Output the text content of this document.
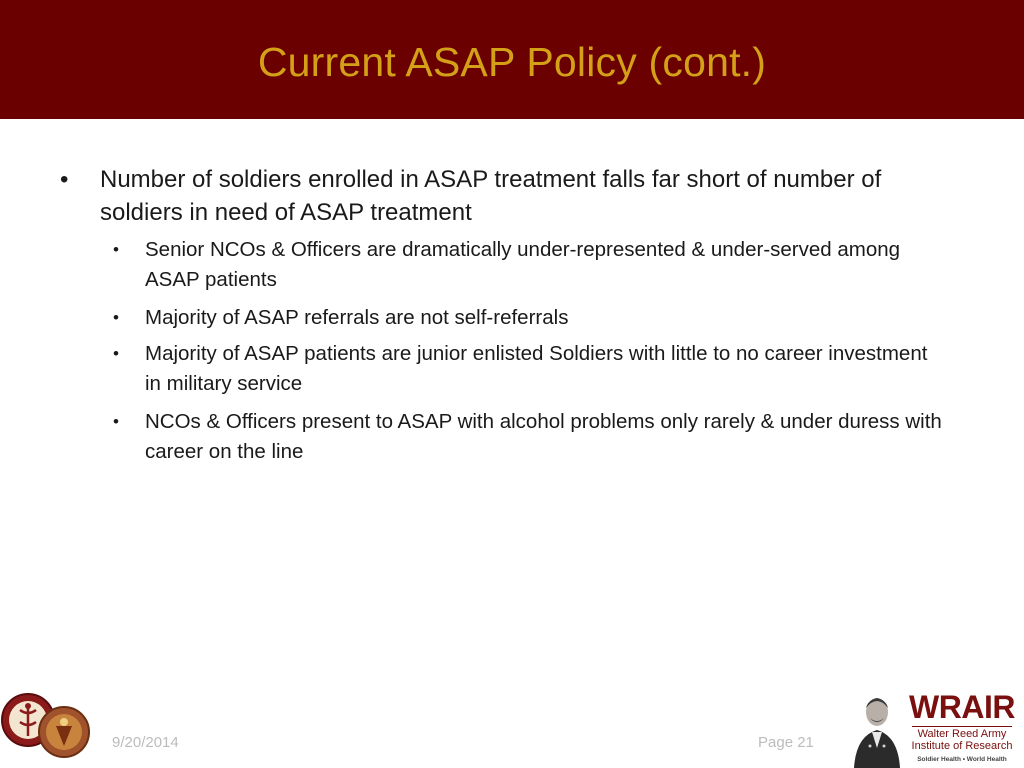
Current ASAP Policy (cont.)
• Number of soldiers enrolled in ASAP treatment falls far short of number of soldiers in need of ASAP treatment
• Senior NCOs & Officers are dramatically under-represented & under-served among ASAP patients
• Majority of ASAP referrals are not self-referrals
• Majority of ASAP patients are junior enlisted Soldiers with little to no career investment in military service
• NCOs & Officers present to ASAP with alcohol problems only rarely & under duress with career on the line
9/20/2014	Page 21
WRAIR
Walter Reed Army
Institute of Research
Soldier Health • World Health
